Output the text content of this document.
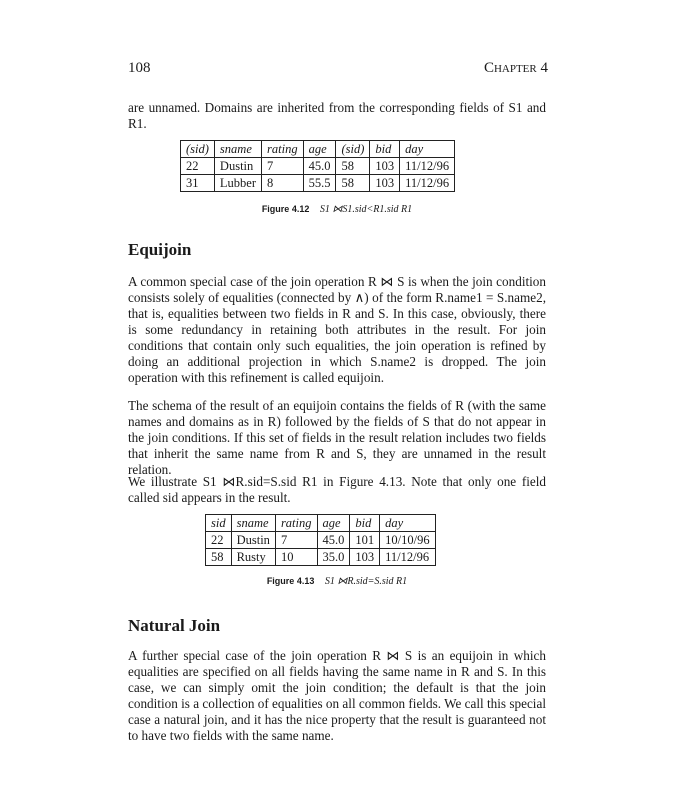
108	Chapter 4
are unnamed. Domains are inherited from the corresponding fields of S1 and R1.
(sid)	sname	rating	age	(sid)	bid	day
22	Dustin	7	45.0	58	103	11/12/96
31	Lubber	8	55.5	58	103	11/12/96
Figure 4.12 S1 ⋈S1.sid<R1.sid R1
Equijoin
A common special case of the join operation R ⋈ S is when the join condition consists solely of equalities (connected by ∧) of the form R.name1 = S.name2, that is, equalities between two fields in R and S. In this case, obviously, there is some redundancy in retaining both attributes in the result. For join conditions that contain only such equalities, the join operation is refined by doing an additional projection in which S.name2 is dropped. The join operation with this refinement is called equijoin.
The schema of the result of an equijoin contains the fields of R (with the same names and domains as in R) followed by the fields of S that do not appear in the join conditions. If this set of fields in the result relation includes two fields that inherit the same name from R and S, they are unnamed in the result relation.
We illustrate S1 ⋈R.sid=S.sid R1 in Figure 4.13. Note that only one field called sid appears in the result.
sid	sname	rating	age	bid	day
22	Dustin	7	45.0	101	10/10/96
58	Rusty	10	35.0	103	11/12/96
Figure 4.13 S1 ⋈R.sid=S.sid R1
Natural Join
A further special case of the join operation R ⋈ S is an equijoin in which equalities are specified on all fields having the same name in R and S. In this case, we can simply omit the join condition; the default is that the join condition is a collection of equalities on all common fields. We call this special case a natural join, and it has the nice property that the result is guaranteed not to have two fields with the same name.
